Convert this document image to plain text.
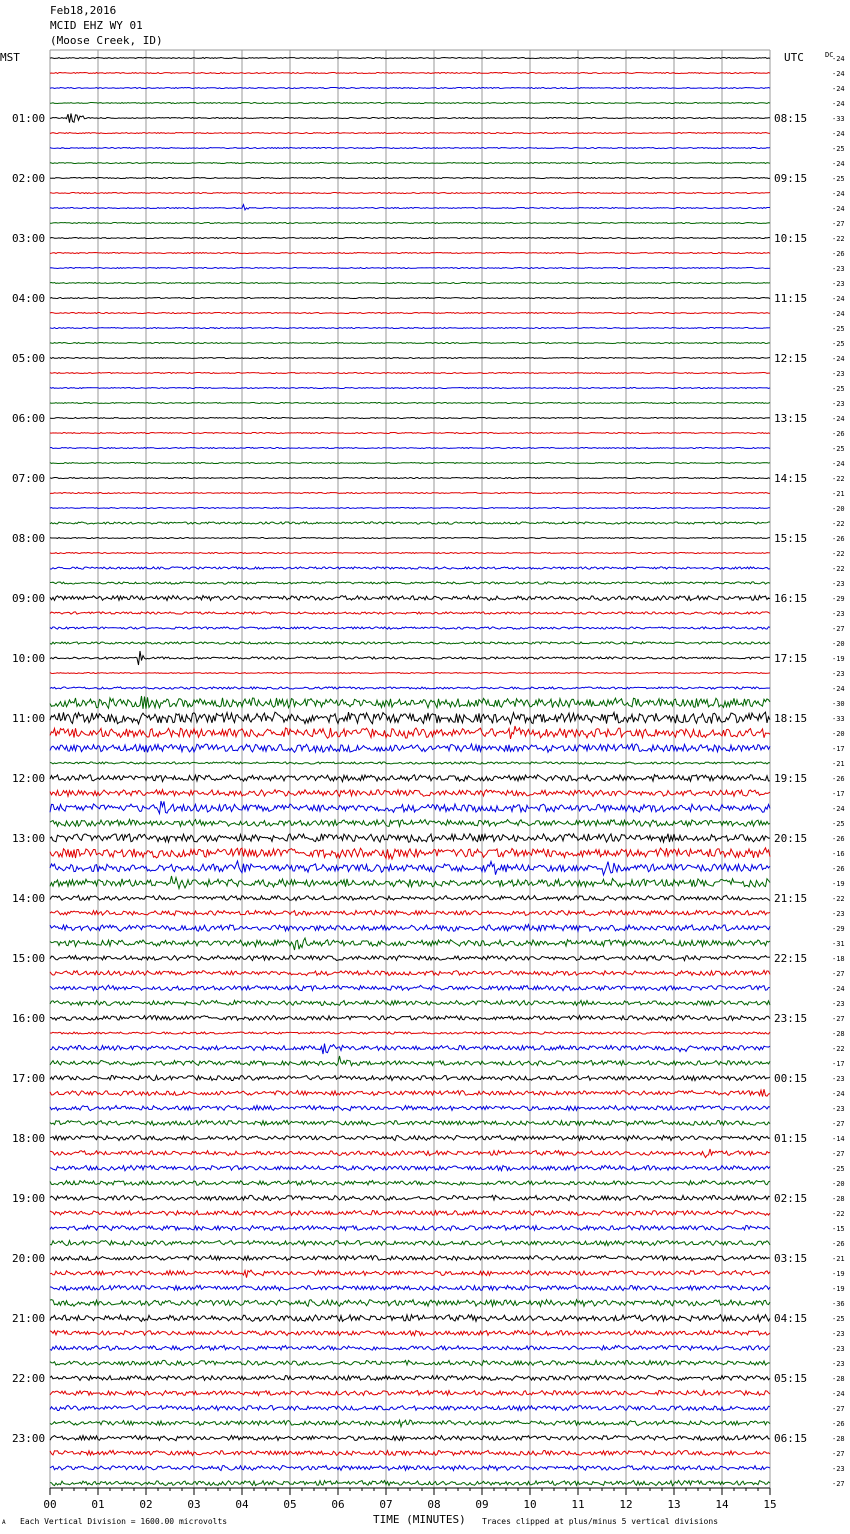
Feb18,2016
MCID EHZ WY 01
(Moose Creek, ID)
01:00
02:00
03:00
04:00
05:00
06:00
07:00
08:00
09:00
10:00
11:00
12:00
13:00
14:00
15:00
16:00
17:00
18:00
19:00
20:00
21:00
22:00
23:00
08:15
09:15
10:15
11:15
12:15
13:15
14:15
15:15
16:15
17:15
18:15
19:15
20:15
21:15
22:15
23:15
00:15
01:15
02:15
03:15
04:15
05:15
06:15
-24
-24
-24
-24
-33
-24
-25
-24
-25
-24
-24
-27
-22
-26
-23
-23
-24
-24
-25
-25
-24
-23
-25
-23
-24
-26
-25
-24
-22
-21
-20
-22
-26
-22
-22
-23
-29
-23
-27
-20
-19
-23
-24
-30
-33
-20
-17
-21
-26
-17
-24
-25
-26
-16
-26
-19
-22
-23
-29
-31
-18
-27
-24
-23
-27
-28
-22
-17
-23
-24
-23
-27
-14
-27
-25
-20
-28
-22
-15
-26
-21
-19
-19
-36
-25
-23
-23
-23
-28
-24
-27
-26
-28
-27
-23
-27
00	01	02	03	04	05	06	07	08	09	10	11	12	13	14	15
MST	UTC	DC
TIME (MINUTES)
A Each Vertical Division = 1600.00 microvolts	Traces clipped at plus/minus 5 vertical divisions
